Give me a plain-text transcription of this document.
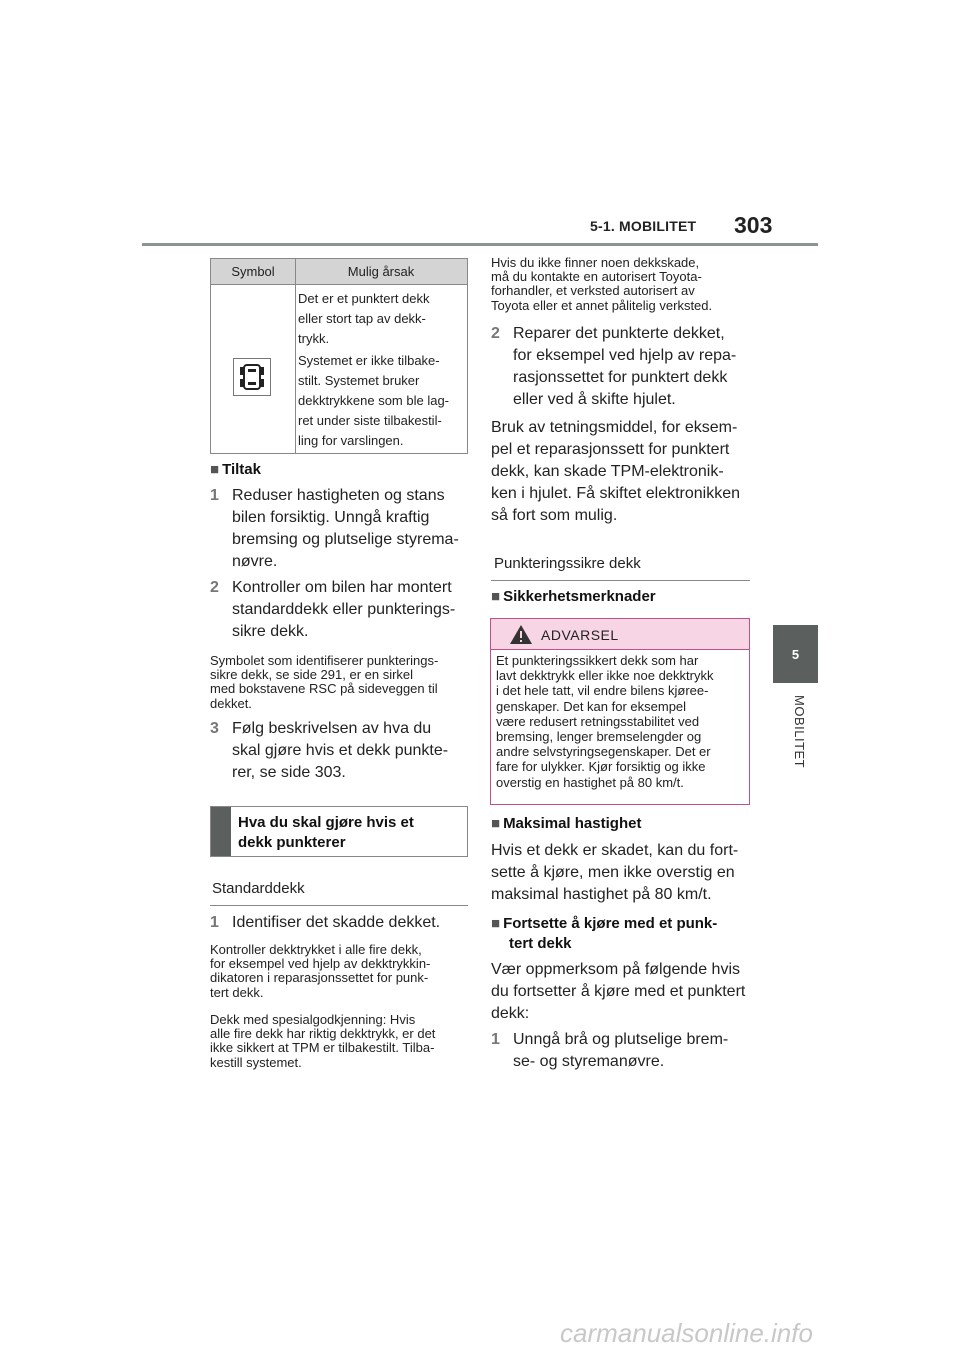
5-1. MOBILITET 303
5
MOBILITET
Symbol	Mulig årsak
Det er et punktert dekk
eller stort tap av dekk-
trykk.
Systemet er ikke tilbake-
stilt. Systemet bruker
dekktrykkene som ble lag-
ret under siste tilbakestil-
ling for varslingen.
■ Tiltak
1 Reduser hastigheten og stans
bilen forsiktig. Unngå kraftig
bremsing og plutselige styrema-
nøvre.
2 Kontroller om bilen har montert
standarddekk eller punkterings-
sikre dekk.
Symbolet som identifiserer punkterings-
sikre dekk, se side 291, er en sirkel
med bokstavene RSC på sideveggen til
dekket.
3 Følg beskrivelsen av hva du
skal gjøre hvis et dekk punkte-
rer, se side 303.
Hva du skal gjøre hvis et
dekk punkterer
Standarddekk
1 Identifiser det skadde dekket.
Kontroller dekktrykket i alle fire dekk,
for eksempel ved hjelp av dekktrykkin-
dikatoren i reparasjonssettet for punk-
tert dekk.
Dekk med spesialgodkjenning: Hvis
alle fire dekk har riktig dekktrykk, er det
ikke sikkert at TPM er tilbakestilt. Tilba-
kestill systemet.
Hvis du ikke finner noen dekkskade,
må du kontakte en autorisert Toyota-
forhandler, et verksted autorisert av
Toyota eller et annet pålitelig verksted.
2 Reparer det punkterte dekket,
for eksempel ved hjelp av repa-
rasjonssettet for punktert dekk
eller ved å skifte hjulet.
Bruk av tetningsmiddel, for eksem-
pel et reparasjonssett for punktert
dekk, kan skade TPM-elektronik-
ken i hjulet. Få skiftet elektronikken
så fort som mulig.
Punkteringssikre dekk
■ Sikkerhetsmerknader
ADVARSEL
Et punkteringssikkert dekk som har
lavt dekktrykk eller ikke noe dekktrykk
i det hele tatt, vil endre bilens kjøree-
genskaper. Det kan for eksempel
være redusert retningsstabilitet ved
bremsing, lenger bremselengder og
andre selvstyringsegenskaper. Det er
fare for ulykker. Kjør forsiktig og ikke
overstig en hastighet på 80 km/t.
■ Maksimal hastighet
Hvis et dekk er skadet, kan du fort-
sette å kjøre, men ikke overstig en
maksimal hastighet på 80 km/t.
■ Fortsette å kjøre med et punk-
tert dekk
Vær oppmerksom på følgende hvis
du fortsetter å kjøre med et punktert
dekk:
1 Unngå brå og plutselige brem-
se- og styremanøvre.
carmanualsonline.info
